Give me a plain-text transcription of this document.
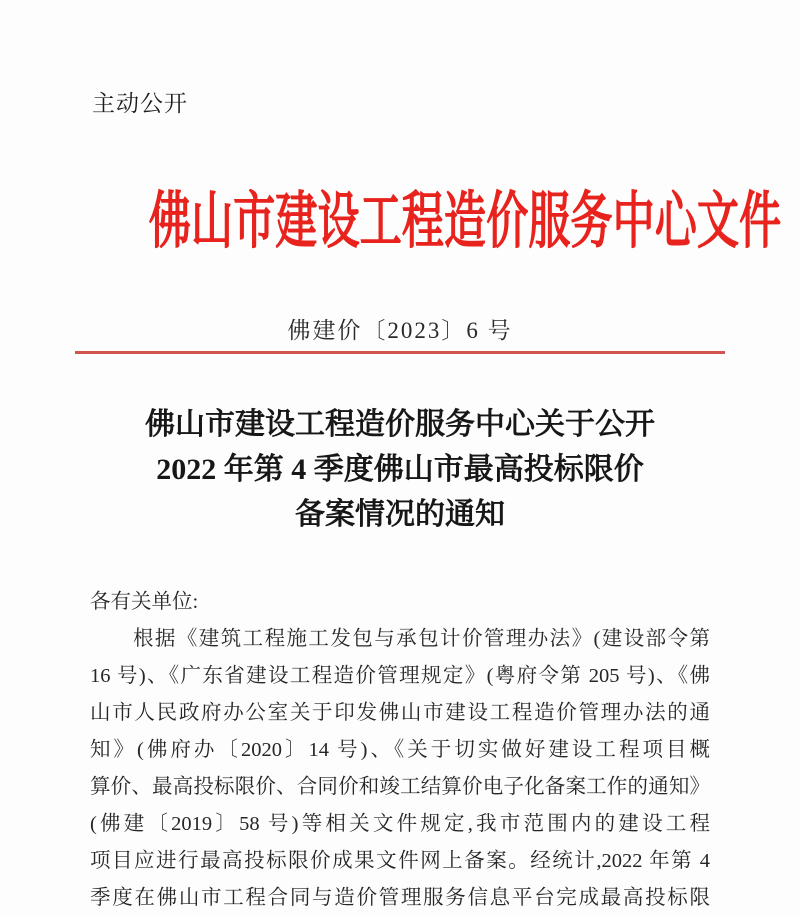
主动公开
佛山市建设工程造价服务中心文件
佛建价〔2023〕6 号
佛山市建设工程造价服务中心关于公开
2022 年第 4 季度佛山市最高投标限价
备案情况的通知
各有关单位:
根据《建筑工程施工发包与承包计价管理办法》(建设部令第
16 号)、《广东省建设工程造价管理规定》(粤府令第 205 号)、《佛
山市人民政府办公室关于印发佛山市建设工程造价管理办法的通
知》(佛府办〔2020〕14 号)、《关于切实做好建设工程项目概
算价、最高投标限价、合同价和竣工结算价电子化备案工作的通知》
(佛建〔2019〕58 号)等相关文件规定,我市范围内的建设工程
项目应进行最高投标限价成果文件网上备案。经统计,2022 年第 4
季度在佛山市工程合同与造价管理服务信息平台完成最高投标限
